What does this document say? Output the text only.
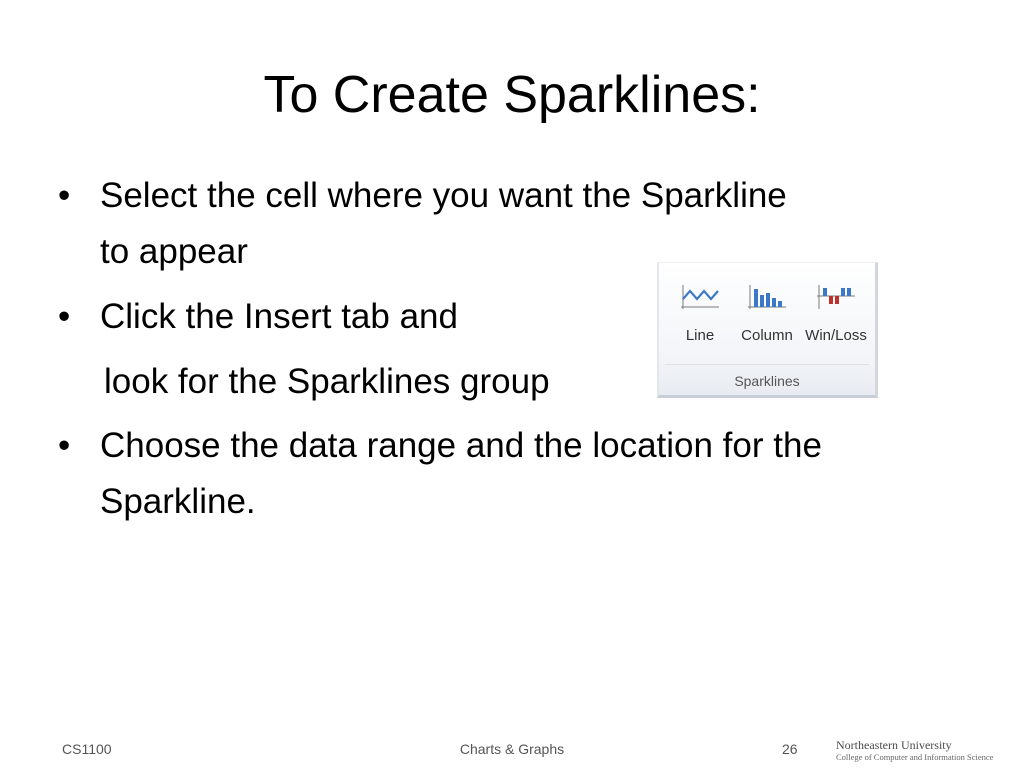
To Create Sparklines:
• Select the cell where you want the Sparkline
to appear
• Click the Insert tab and
look for the Sparklines group
• Choose the data range and the location for the
Sparkline.
Line	Column Win/Loss
Sparklines
CS1100	Charts & Graphs	26	Northeastern University
College of Computer and Information Science
